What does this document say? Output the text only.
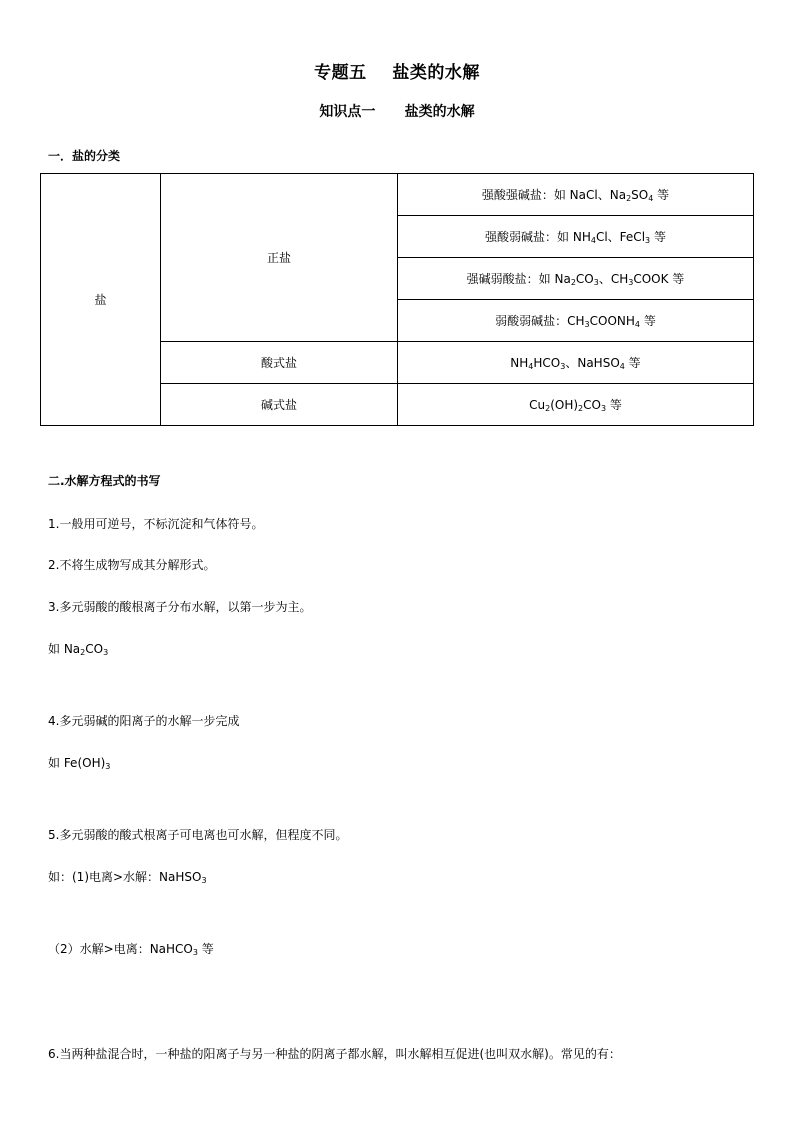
专题五    盐类的水解
知识点一      盐类的水解
一．盐的分类
盐	正盐	强酸强碱盐：如 NaCl、$Na_2SO_4$ 等
		强酸弱碱盐：如 $NH_4Cl$、FeCl$_3$ 等
		强碱弱酸盐：如 $Na_2CO_3$、$CH_3COOK$ 等
		弱酸弱碱盐：$CH_3COONH_4$ 等
	酸式盐	$NH_4HCO_3$、NaHSO$_4$ 等
	碱式盐	$Cu_2(OH)_2CO_3$ 等
二.水解方程式的书写
1.一般用可逆号，不标沉淀和气体符号。
2.不将生成物写成其分解形式。
3.多元弱酸的酸根离子分布水解，以第一步为主。
如 $Na_2CO_3$
4.多元弱碱的阳离子的水解一步完成
如 $Fe(OH)_3$
5.多元弱酸的酸式根离子可电离也可水解，但程度不同。
如：(1)电离>水解：NaHSO$_3$
（2）水解>电离：NaHCO$_3$ 等
6.当两种盐混合时，一种盐的阳离子与另一种盐的阴离子都水解，叫水解相互促进(也叫双水解)。常见的有：
